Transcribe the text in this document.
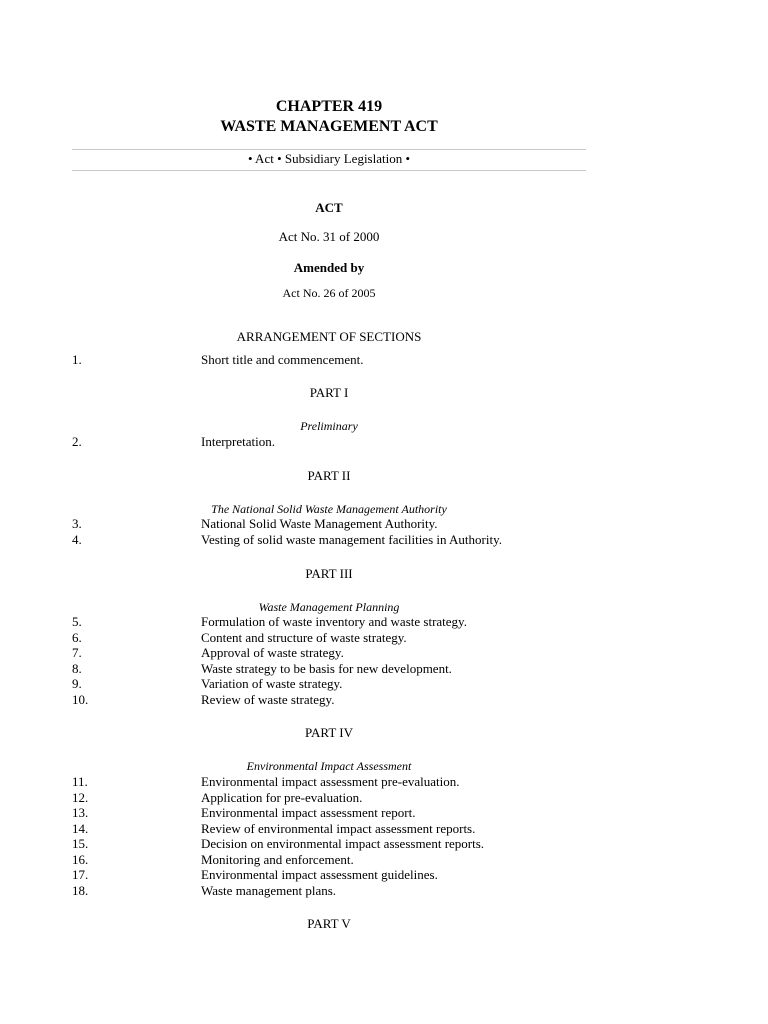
CHAPTER 419
WASTE MANAGEMENT ACT
• Act • Subsidiary Legislation •
ACT
Act No. 31 of 2000
Amended by
Act No. 26 of 2005
ARRANGEMENT OF SECTIONS
1.	Short title and commencement.
PART I
Preliminary
2.	Interpretation.
PART II
The National Solid Waste Management Authority
3.	National Solid Waste Management Authority.
4.	Vesting of solid waste management facilities in Authority.
PART III
Waste Management Planning
5.	Formulation of waste inventory and waste strategy.
6.	Content and structure of waste strategy.
7.	Approval of waste strategy.
8.	Waste strategy to be basis for new development.
9.	Variation of waste strategy.
10.	Review of waste strategy.
PART IV
Environmental Impact Assessment
11.	Environmental impact assessment pre-evaluation.
12.	Application for pre-evaluation.
13.	Environmental impact assessment report.
14.	Review of environmental impact assessment reports.
15.	Decision on environmental impact assessment reports.
16.	Monitoring and enforcement.
17.	Environmental impact assessment guidelines.
18.	Waste management plans.
PART V
